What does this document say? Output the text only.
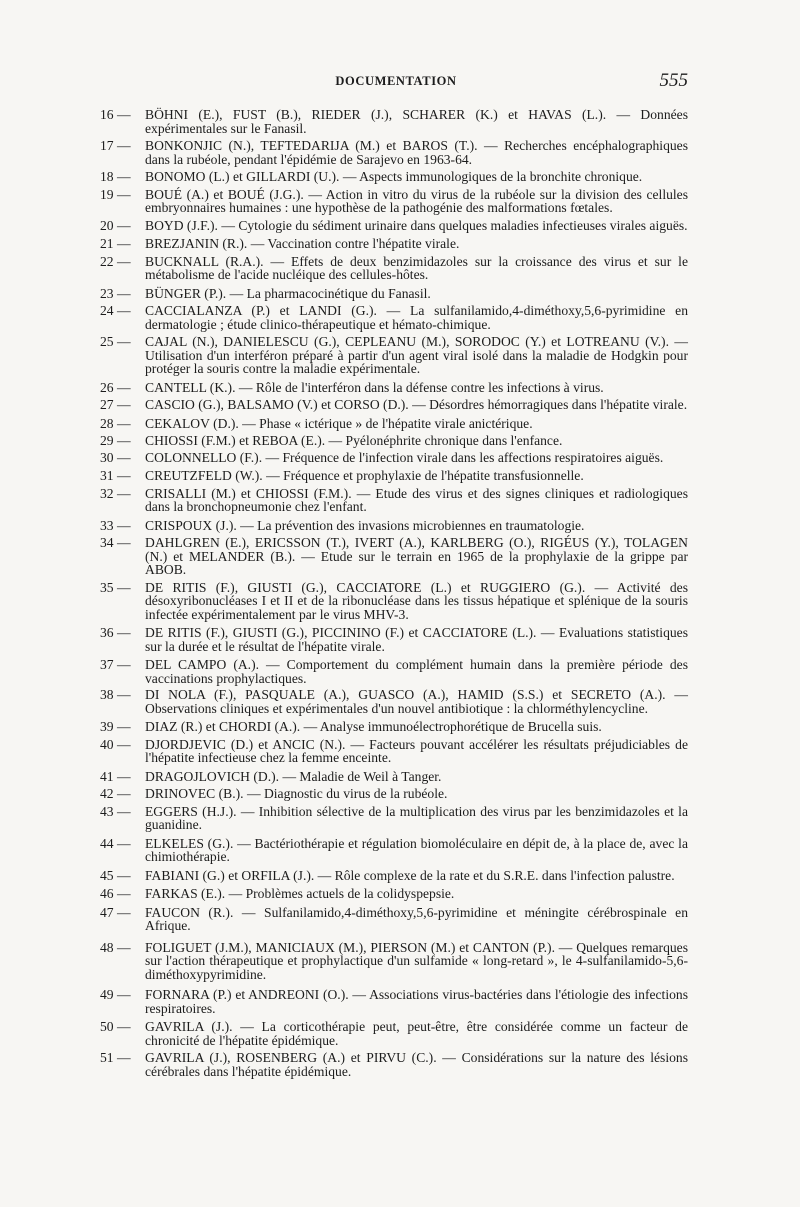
DOCUMENTATION	555
16 —	BÖHNI (E.), FUST (B.), RIEDER (J.), SCHARER (K.) et HAVAS (L.). — Données expérimentales sur le Fanasil.
17 —	BONKONJIC (N.), TEFTEDARIJA (M.) et BAROS (T.). — Recherches encéphalographiques dans la rubéole, pendant l'épidémie de Sarajevo en 1963-64.
18 —	BONOMO (L.) et GILLARDI (U.). — Aspects immunologiques de la bronchite chronique.
19 —	BOUÉ (A.) et BOUÉ (J.G.). — Action in vitro du virus de la rubéole sur la division des cellules embryonnaires humaines : une hypothèse de la pathogénie des malformations fœtales.
20 —	BOYD (J.F.). — Cytologie du sédiment urinaire dans quelques maladies infectieuses virales aiguës.
21 —	BREZJANIN (R.). — Vaccination contre l'hépatite virale.
22 —	BUCKNALL (R.A.). — Effets de deux benzimidazoles sur la croissance des virus et sur le métabolisme de l'acide nucléique des cellules-hôtes.
23 —	BÜNGER (P.). — La pharmacocinétique du Fanasil.
24 —	CACCIALANZA (P.) et LANDI (G.). — La sulfanilamido,4-diméthoxy,5,6-pyrimidine en dermatologie ; étude clinico-thérapeutique et hémato-chimique.
25 —	CAJAL (N.), DANIELESCU (G.), CEPLEANU (M.), SORODOC (Y.) et LOTREANU (V.). — Utilisation d'un interféron préparé à partir d'un agent viral isolé dans la maladie de Hodgkin pour protéger la souris contre la maladie expérimentale.
26 —	CANTELL (K.). — Rôle de l'interféron dans la défense contre les infections à virus.
27 —	CASCIO (G.), BALSAMO (V.) et CORSO (D.). — Désordres hémorragiques dans l'hépatite virale.
28 —	CEKALOV (D.). — Phase « ictérique » de l'hépatite virale anictérique.
29 —	CHIOSSI (F.M.) et REBOA (E.). — Pyélonéphrite chronique dans l'enfance.
30 —	COLONNELLO (F.). — Fréquence de l'infection virale dans les affections respiratoires aiguës.
31 —	CREUTZFELD (W.). — Fréquence et prophylaxie de l'hépatite transfusionnelle.
32 —	CRISALLI (M.) et CHIOSSI (F.M.). — Etude des virus et des signes cliniques et radiologiques dans la bronchopneumonie chez l'enfant.
33 —	CRISPOUX (J.). — La prévention des invasions microbiennes en traumatologie.
34 —	DAHLGREN (E.), ERICSSON (T.), IVERT (A.), KARLBERG (O.), RIGÉUS (Y.), TOLAGEN (N.) et MELANDER (B.). — Etude sur le terrain en 1965 de la prophylaxie de la grippe par ABOB.
35 —	DE RITIS (F.), GIUSTI (G.), CACCIATORE (L.) et RUGGIERO (G.). — Activité des désoxyribonucléases I et II et de la ribonucléase dans les tissus hépatique et splénique de la souris infectée expérimentalement par le virus MHV-3.
36 —	DE RITIS (F.), GIUSTI (G.), PICCININO (F.) et CACCIATORE (L.). — Evaluations statistiques sur la durée et le résultat de l'hépatite virale.
37 —	DEL CAMPO (A.). — Comportement du complément humain dans la première période des vaccinations prophylactiques.
38 —	DI NOLA (F.), PASQUALE (A.), GUASCO (A.), HAMID (S.S.) et SECRETO (A.). — Observations cliniques et expérimentales d'un nouvel antibiotique : la chlorméthylencycline.
39 —	DIAZ (R.) et CHORDI (A.). — Analyse immunoélectrophorétique de Brucella suis.
40 —	DJORDJEVIC (D.) et ANCIC (N.). — Facteurs pouvant accélérer les résultats préjudiciables de l'hépatite infectieuse chez la femme enceinte.
41 —	DRAGOJLOVICH (D.). — Maladie de Weil à Tanger.
42 —	DRINOVEC (B.). — Diagnostic du virus de la rubéole.
43 —	EGGERS (H.J.). — Inhibition sélective de la multiplication des virus par les benzimidazoles et la guanidine.
44 —	ELKELES (G.). — Bactériothérapie et régulation biomoléculaire en dépit de, à la place de, avec la chimiothérapie.
45 —	FABIANI (G.) et ORFILA (J.). — Rôle complexe de la rate et du S.R.E. dans l'infection palustre.
46 —	FARKAS (E.). — Problèmes actuels de la colidyspepsie.
47 —	FAUCON (R.). — Sulfanilamido,4-diméthoxy,5,6-pyrimidine et méningite cérébrospinale en Afrique.
48 —	FOLIGUET (J.M.), MANICIAUX (M.), PIERSON (M.) et CANTON (P.). — Quelques remarques sur l'action thérapeutique et prophylactique d'un sulfamide « long-retard », le 4-sulfanilamido-5,6-diméthoxypyrimidine.
49 —	FORNARA (P.) et ANDREONI (O.). — Associations virus-bactéries dans l'étiologie des infections respiratoires.
50 —	GAVRILA (J.). — La corticothérapie peut, peut-être, être considérée comme un facteur de chronicité de l'hépatite épidémique.
51 —	GAVRILA (J.), ROSENBERG (A.) et PIRVU (C.). — Considérations sur la nature des lésions cérébrales dans l'hépatite épidémique.
